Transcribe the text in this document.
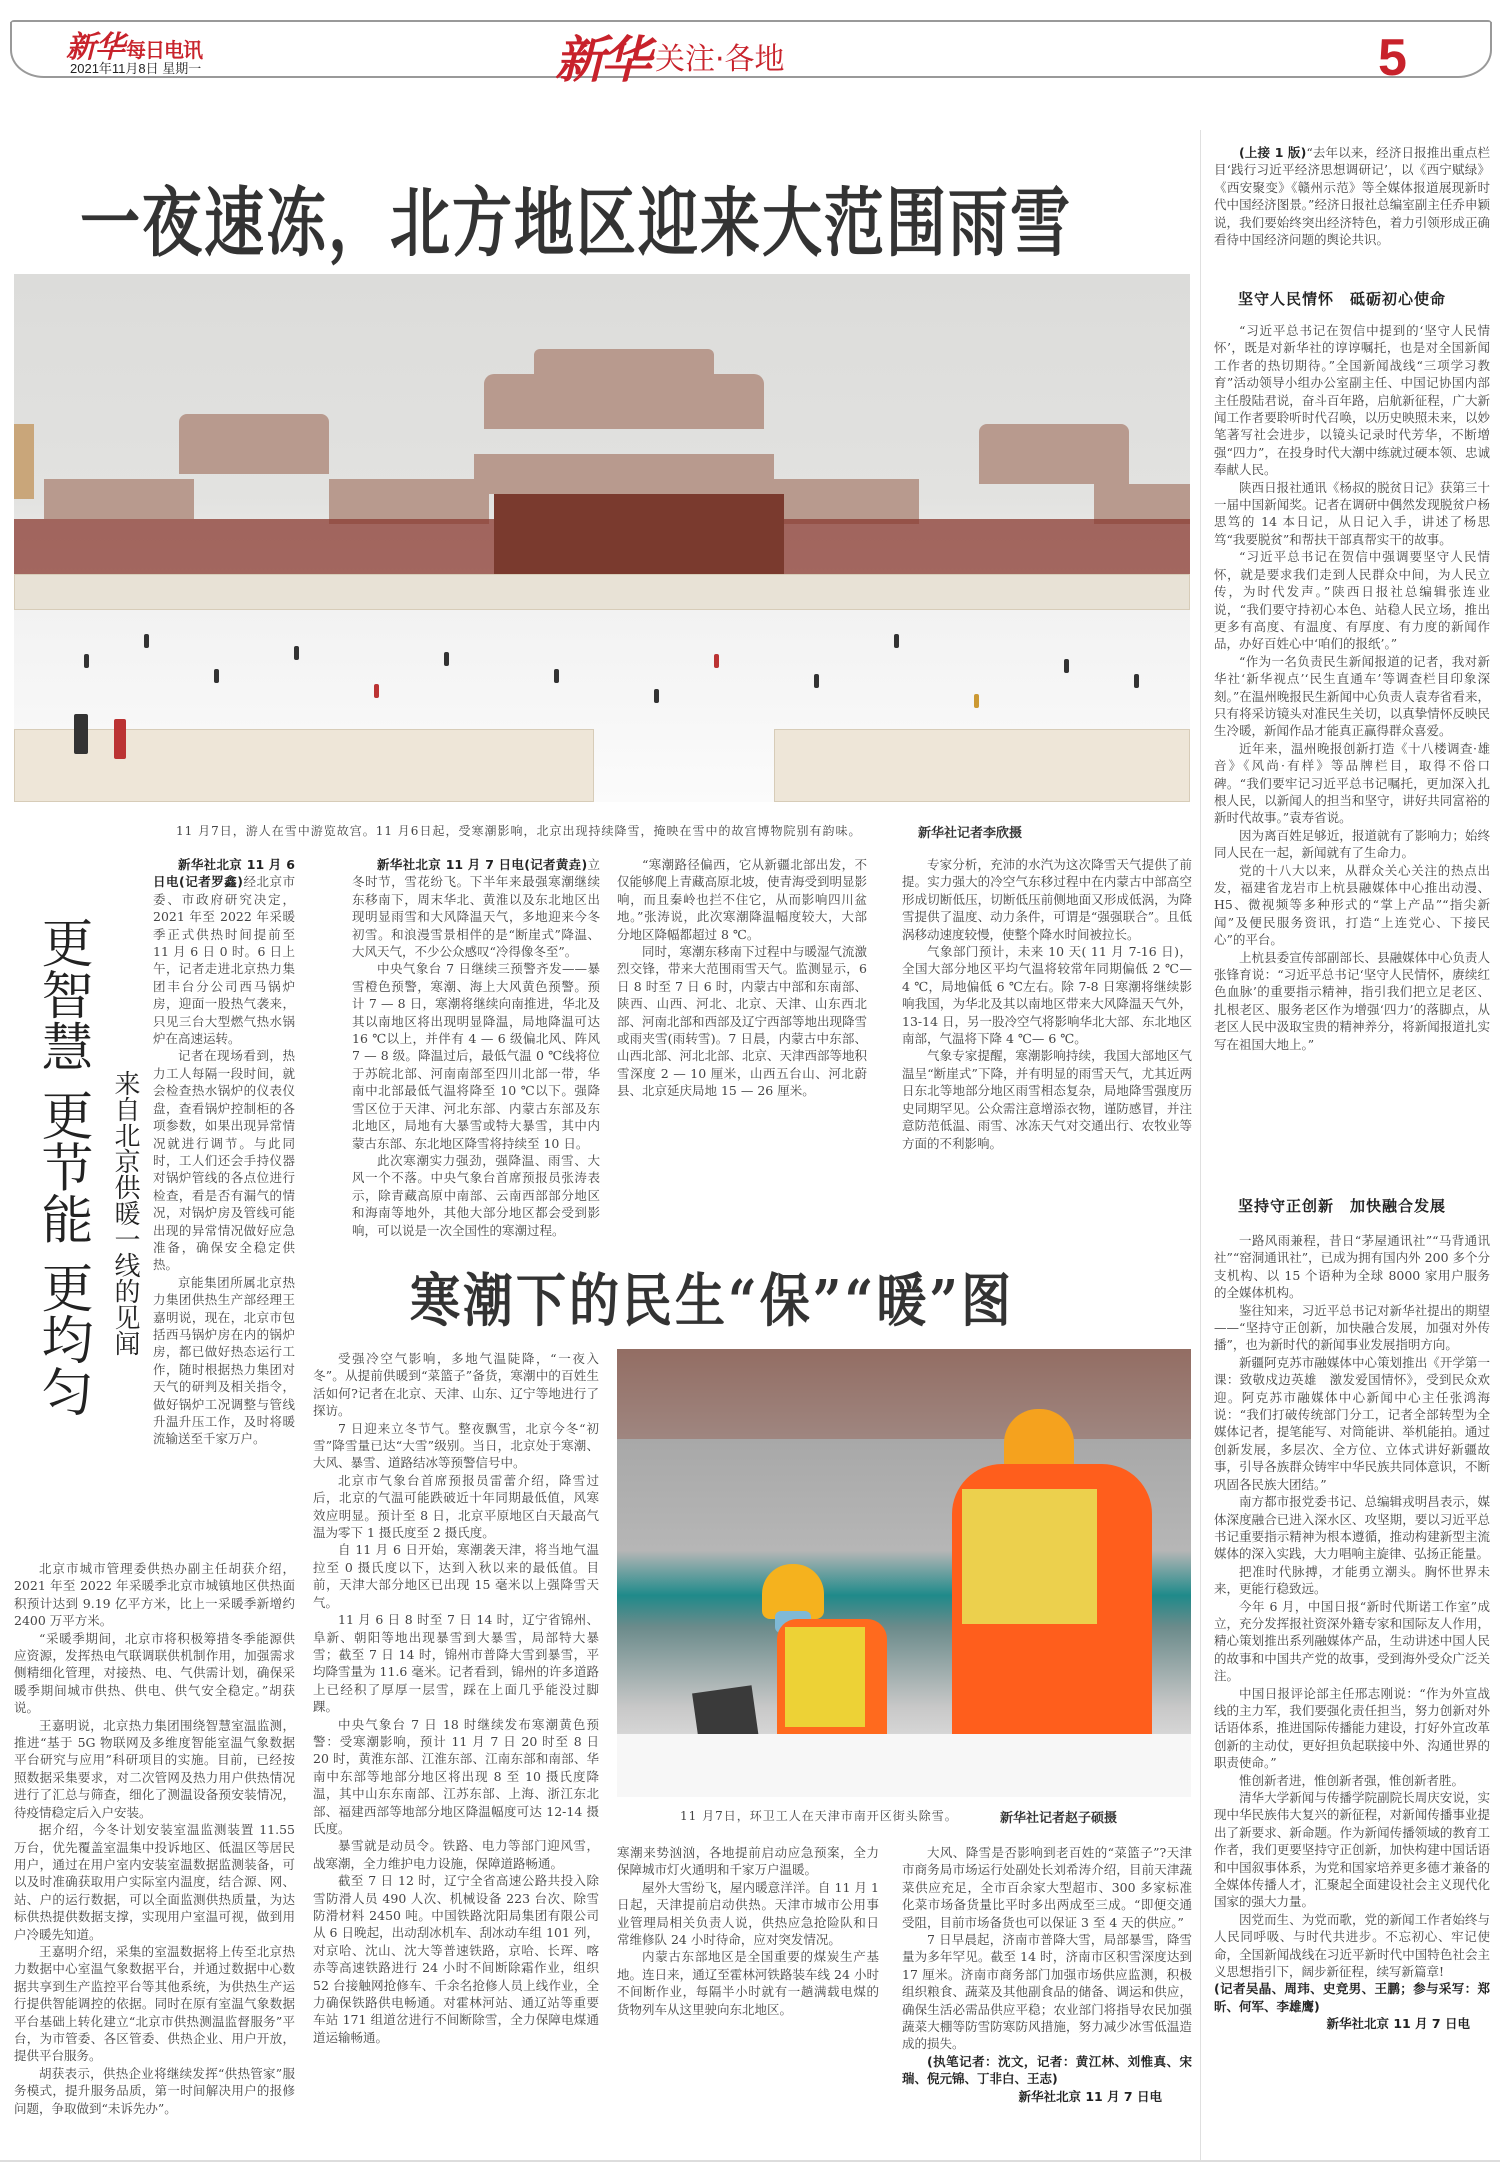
新华 每日电讯
2021年11月8日 星期一	新华 关注·各地	5
一夜速冻，北方地区迎来大范围雨雪
11 月7日，游人在雪中游览故宫。11 月6日起，受寒潮影响，北京出现持续降雪，掩映在雪中的故宫博物院别有韵味。	新华社记者李欣摄
更智慧 更节能 更均匀 来自北京供暖一线的见闻

新华社北京 11 月 6 日电(记者罗鑫)经北京市委、市政府研究决定，2021 年至 2022 年采暖季正式供热时间提前至 11 月 6 日 0 时。6 日上午，记者走进北京热力集团丰台分公司西马锅炉房，迎面一股热气袭来，只见三台大型燃气热水锅炉在高速运转。

记者在现场看到，热力工人每隔一段时间，就会检查热水锅炉的仪表仪盘，查看锅炉控制柜的各项参数，如果出现异常情况就进行调节。与此同时，工人们还会手持仪器对锅炉管线的各点位进行检查，看是否有漏气的情况，对锅炉房及管线可能出现的异常情况做好应急准备，确保安全稳定供热。

京能集团所属北京热力集团供热生产部经理王嘉明说，现在，北京市包括西马锅炉房在内的锅炉房，都已做好热态运行工作，随时根据热力集团对天气的研判及相关指令，做好锅炉工况调整与管线升温升压工作，及时将暖流输送至千家万户。

北京市城市管理委供热办副主任胡获介绍，2021 年至 2022 年采暖季北京市城镇地区供热面积预计达到 9.19 亿平方米，比上一采暖季新增约 2400 万平方米。

“采暖季期间，北京市将积极筹措冬季能源供应资源，发挥热电气联调联供机制作用，加强需求侧精细化管理，对接热、电、气供需计划，确保采暖季期间城市供热、供电、供气安全稳定。”胡获说。

王嘉明说，北京热力集团围绕智慧室温监测，推进“基于 5G 物联网及多维度智能室温气象数据平台研究与应用”科研项目的实施。目前，已经按照数据采集要求，对二次管网及热力用户供热情况进行了汇总与筛查，细化了测温设备预安装情况，待疫情稳定后入户安装。

据介绍，今冬计划安装室温监测装置 11.55 万台，优先覆盖室温集中投诉地区、低温区等居民用户，通过在用户室内安装室温数据监测装备，可以及时准确获取用户实际室内温度，结合源、网、站、户的运行数据，可以全面监测供热质量，为达标供热提供数据支撑，实现用户室温可视，做到用户冷暖先知道。

王嘉明介绍，采集的室温数据将上传至北京热力数据中心室温气象数据平台，并通过数据中心数据共享到生产监控平台等其他系统，为供热生产运行提供智能调控的依据。同时在原有室温气象数据平台基础上转化建立“北京市供热测温监督服务”平台，为市管委、各区管委、供热企业、用户开放，提供平台服务。

胡获表示，供热企业将继续发挥“供热管家”服务模式，提升服务品质，第一时间解决用户的报修问题，争取做到“未诉先办”。

新华社北京 11 月 7 日电(记者黄垚)立冬时节，雪花纷飞。下半年来最强寒潮继续东移南下，周末华北、黄淮以及东北地区出现明显雨雪和大风降温天气，多地迎来今冬初雪。和浪漫雪景相伴的是“断崖式”降温、大风天气，不少公众感叹“冷得像冬至”。

中央气象台 7 日继续三预警齐发——暴雪橙色预警，寒潮、海上大风黄色预警。预计 7 — 8 日，寒潮将继续向南推进，华北及其以南地区将出现明显降温，局地降温可达 16 ℃以上，并伴有 4 — 6 级偏北风、阵风 7 — 8 级。降温过后，最低气温 0 ℃线将位于苏皖北部、河南南部至四川北部一带，华南中北部最低气温将降至 10 ℃以下。强降雪区位于天津、河北东部、内蒙古东部及东北地区，局地有大暴雪或特大暴雪，其中内蒙古东部、东北地区降雪将持续至 10 日。

此次寒潮实力强劲，强降温、雨雪、大风一个不落。中央气象台首席预报员张涛表示，除青藏高原中南部、云南西部部分地区和海南等地外，其他大部分地区都会受到影响，可以说是一次全国性的寒潮过程。

“寒潮路径偏西，它从新疆北部出发，不仅能够爬上青藏高原北坡，使青海受到明显影响，而且秦岭也拦不住它，从而影响四川盆地。”张涛说，此次寒潮降温幅度较大，大部分地区降幅都超过 8 ℃。

同时，寒潮东移南下过程中与暖湿气流激烈交锋，带来大范围雨雪天气。监测显示，6 日 8 时至 7 日 6 时，内蒙古中部和东南部、陕西、山西、河北、北京、天津、山东西北部、河南北部和西部及辽宁西部等地出现降雪或雨夹雪(雨转雪)。7 日晨，内蒙古中东部、山西北部、河北北部、北京、天津西部等地积雪深度 2 — 10 厘米，山西五台山、河北蔚县、北京延庆局地 15 — 26 厘米。

专家分析，充沛的水汽为这次降雪天气提供了前提。实力强大的冷空气东移过程中在内蒙古中部高空形成切断低压，切断低压前侧地面又形成低涡，为降雪提供了温度、动力条件，可谓是“强强联合”。且低涡移动速度较慢，使整个降水时间被拉长。

气象部门预计，未来 10 天( 11 月 7-16 日)，全国大部分地区平均气温将较常年同期偏低 2 ℃— 4 ℃，局地偏低 6 ℃左右。除 7-8 日寒潮将继续影响我国，为华北及其以南地区带来大风降温天气外，13-14 日，另一股冷空气将影响华北大部、东北地区南部，气温将下降 4 ℃— 6 ℃。

气象专家提醒，寒潮影响持续，我国大部地区气温呈“断崖式”下降，并有明显的雨雪天气，尤其近两日东北等地部分地区雨雪相态复杂，局地降雪强度历史同期罕见。公众需注意增添衣物，谨防感冒，并注意防范低温、雨雪、冰冻天气对交通出行、农牧业等方面的不利影响。

寒潮下的民生“保”“暖”图

受强冷空气影响，多地气温陡降，“一夜入冬”。从提前供暖到“菜篮子”备货，寒潮中的百姓生活如何?记者在北京、天津、山东、辽宁等地进行了探访。

7 日迎来立冬节气。整夜飘雪，北京今冬“初雪”降雪量已达“大雪”级别。当日，北京处于寒潮、大风、暴雪、道路结冰等预警信号中。

北京市气象台首席预报员雷蕾介绍，降雪过后，北京的气温可能跌破近十年同期最低值，风寒效应明显。预计至 8 日，北京平原地区白天最高气温为零下 1 摄氏度至 2 摄氏度。

自 11 月 6 日开始，寒潮袭天津，将当地气温拉至 0 摄氏度以下，达到入秋以来的最低值。目前，天津大部分地区已出现 15 毫米以上强降雪天气。

11 月 6 日 8 时至 7 日 14 时，辽宁省锦州、阜新、朝阳等地出现暴雪到大暴雪，局部特大暴雪；截至 7 日 14 时，锦州市普降大雪到暴雪，平均降雪量为 11.6 毫米。记者看到，锦州的许多道路上已经积了厚厚一层雪，踩在上面几乎能没过脚踝。

中央气象台 7 日 18 时继续发布寒潮黄色预警：受寒潮影响，预计 11 月 7 日 20 时至 8 日 20 时，黄淮东部、江淮东部、江南东部和南部、华南中东部等地部分地区将出现 8 至 10 摄氏度降温，其中山东东南部、江苏东部、上海、浙江东北部、福建西部等地部分地区降温幅度可达 12-14 摄氏度。

暴雪就是动员令。铁路、电力等部门迎风雪，战寒潮，全力维护电力设施，保障道路畅通。

截至 7 日 12 时，辽宁全省高速公路共投入除雪防滑人员 490 人次、机械设备 223 台次、除雪防滑材料 2450 吨。中国铁路沈阳局集团有限公司从 6 日晚起，出动刮冰机车、刮冰动车组 101 列，对京哈、沈山、沈大等普速铁路，京哈、长珲、喀赤等高速铁路进行 24 小时不间断除霜作业，组织 52 台接触网抢修车、千余名抢修人员上线作业，全力确保铁路供电畅通。对霍林河站、通辽站等重要车站 171 组道岔进行不间断除雪，全力保障电煤通道运输畅通。

11 月7日，环卫工人在天津市南开区街头除雪。	新华社记者赵子硕摄

寒潮来势汹汹，各地提前启动应急预案，全力保障城市灯火通明和千家万户温暖。

屋外大雪纷飞，屋内暖意洋洋。自 11 月 1 日起，天津提前启动供热。天津市城市公用事业管理局相关负责人说，供热应急抢险队和日常维修队 24 小时待命，应对突发情况。

内蒙古东部地区是全国重要的煤炭生产基地。连日来，通辽至霍林河铁路装车线 24 小时不间断作业，每隔半小时就有一趟满载电煤的货物列车从这里驶向东北地区。

大风、降雪是否影响到老百姓的“菜篮子”?天津市商务局市场运行处副处长刘希涛介绍，目前天津蔬菜供应充足，全市百余家大型超市、300 多家标准化菜市场备货量比平时多出两成至三成。“即便交通受阻，目前市场备货也可以保证 3 至 4 天的供应。”

7 日早晨起，济南市普降大雪，局部暴雪，降雪量为多年罕见。截至 14 时，济南市区积雪深度达到 17 厘米。济南市商务部门加强市场供应监测，积极组织粮食、蔬菜及其他副食品的储备、调运和供应，确保生活必需品供应平稳；农业部门将指导农民加强蔬菜大棚等防雪防寒防风措施，努力减少冰雪低温造成的损失。

(执笔记者：沈文，记者：黄江林、刘惟真、宋瑞、倪元锦、丁非白、王志)

新华社北京 11 月 7 日电

(上接 1 版)“去年以来，经济日报推出重点栏目‘践行习近平经济思想调研记’，以《西宁赋绿》《西安聚变》《赣州示范》等全媒体报道展现新时代中国经济图景。”经济日报社总编室副主任乔申颖说，我们要始终突出经济特色，着力引领形成正确看待中国经济问题的舆论共识。

坚守人民情怀　砥砺初心使命

“习近平总书记在贺信中提到的‘坚守人民情怀’，既是对新华社的谆谆嘱托，也是对全国新闻工作者的热切期待。”全国新闻战线“三项学习教育”活动领导小组办公室副主任、中国记协国内部主任殷陆君说，奋斗百年路，启航新征程，广大新闻工作者要聆听时代召唤，以历史映照未来，以妙笔著写社会进步，以镜头记录时代芳华，不断增强“四力”，在投身时代大潮中练就过硬本领、忠诚奉献人民。

陕西日报社通讯《杨叔的脱贫日记》获第三十一届中国新闻奖。记者在调研中偶然发现脱贫户杨思笃的 14 本日记，从日记入手，讲述了杨思笃“我要脱贫”和帮扶干部真帮实干的故事。

“习近平总书记在贺信中强调要坚守人民情怀，就是要求我们走到人民群众中间，为人民立传，为时代发声。”陕西日报社总编辑张连业说，“我们要守持初心本色、站稳人民立场，推出更多有高度、有温度、有厚度、有力度的新闻作品，办好百姓心中‘咱们的报纸’。”

“作为一名负责民生新闻报道的记者，我对新华社‘新华视点’‘民生直通车’等调查栏目印象深刻。”在温州晚报民生新闻中心负责人袁寿省看来，只有将采访镜头对准民生关切，以真挚情怀反映民生冷暖，新闻作品才能真正赢得群众喜爱。

近年来，温州晚报创新打造《十八楼调查·雄音》《风尚·有样》等品牌栏目，取得不俗口碑。“我们要牢记习近平总书记嘱托，更加深入扎根人民，以新闻人的担当和坚守，讲好共同富裕的新时代故事。”袁寿省说。

因为离百姓足够近，报道就有了影响力；始终同人民在一起，新闻就有了生命力。

党的十八大以来，从群众关心关注的热点出发，福建省龙岩市上杭县融媒体中心推出动漫、H5、微视频等多种形式的“掌上产品”“指尖新闻”及便民服务资讯，打造“上连党心、下接民心”的平台。

上杭县委宣传部副部长、县融媒体中心负责人张锋育说：“习近平总书记‘坚守人民情怀，赓续红色血脉’的重要指示精神，指引我们把立足老区、扎根老区、服务老区作为增强‘四力’的落脚点，从老区人民中汲取宝贵的精神养分，将新闻报道扎实写在祖国大地上。”

坚持守正创新　加快融合发展

一路风雨兼程，昔日“茅屋通讯社”“马背通讯社”“窑洞通讯社”，已成为拥有国内外 200 多个分支机构、以 15 个语种为全球 8000 家用户服务的全媒体机构。

鉴往知来，习近平总书记对新华社提出的期望——“坚持守正创新，加快融合发展，加强对外传播”，也为新时代的新闻事业发展指明方向。

新疆阿克苏市融媒体中心策划推出《开学第一课：致敬戍边英雄　激发爱国情怀》，受到民众欢迎。阿克苏市融媒体中心新闻中心主任张鸿海说：“我们打破传统部门分工，记者全部转型为全媒体记者，提笔能写、对筒能讲、举机能拍。通过创新发展，多层次、全方位、立体式讲好新疆故事，引导各族群众铸牢中华民族共同体意识，不断巩固各民族大团结。”

南方都市报党委书记、总编辑戎明昌表示，媒体深度融合已进入深水区、攻坚期，要以习近平总书记重要指示精神为根本遵循，推动构建新型主流媒体的深入实践，大力唱响主旋律、弘扬正能量。

把准时代脉搏，才能勇立潮头。胸怀世界未来，更能行稳致远。

今年 6 月，中国日报“新时代斯诺工作室”成立，充分发挥报社资深外籍专家和国际友人作用，精心策划推出系列融媒体产品，生动讲述中国人民的故事和中国共产党的故事，受到海外受众广泛关注。

中国日报评论部主任邢志刚说：“作为外宣战线的主力军，我们要强化责任担当，努力创新对外话语体系，推进国际传播能力建设，打好外宣改革创新的主动仗，更好担负起联接中外、沟通世界的职责使命。”

惟创新者进，惟创新者强，惟创新者胜。

清华大学新闻与传播学院副院长周庆安说，实现中华民族伟大复兴的新征程，对新闻传播事业提出了新要求、新命题。作为新闻传播领域的教育工作者，我们更要坚持守正创新，加快构建中国话语和中国叙事体系，为党和国家培养更多德才兼备的全媒体传播人才，汇聚起全面建设社会主义现代化国家的强大力量。

因党而生、为党而歌，党的新闻工作者始终与人民同呼吸、与时代共进步。不忘初心、牢记使命，全国新闻战线在习近平新时代中国特色社会主义思想指引下，阔步新征程，续写新篇章!

(记者吴晶、周玮、史竞男、王鹏；参与采写：郑昕、何军、李雄鹰)

新华社北京 11 月 7 日电
